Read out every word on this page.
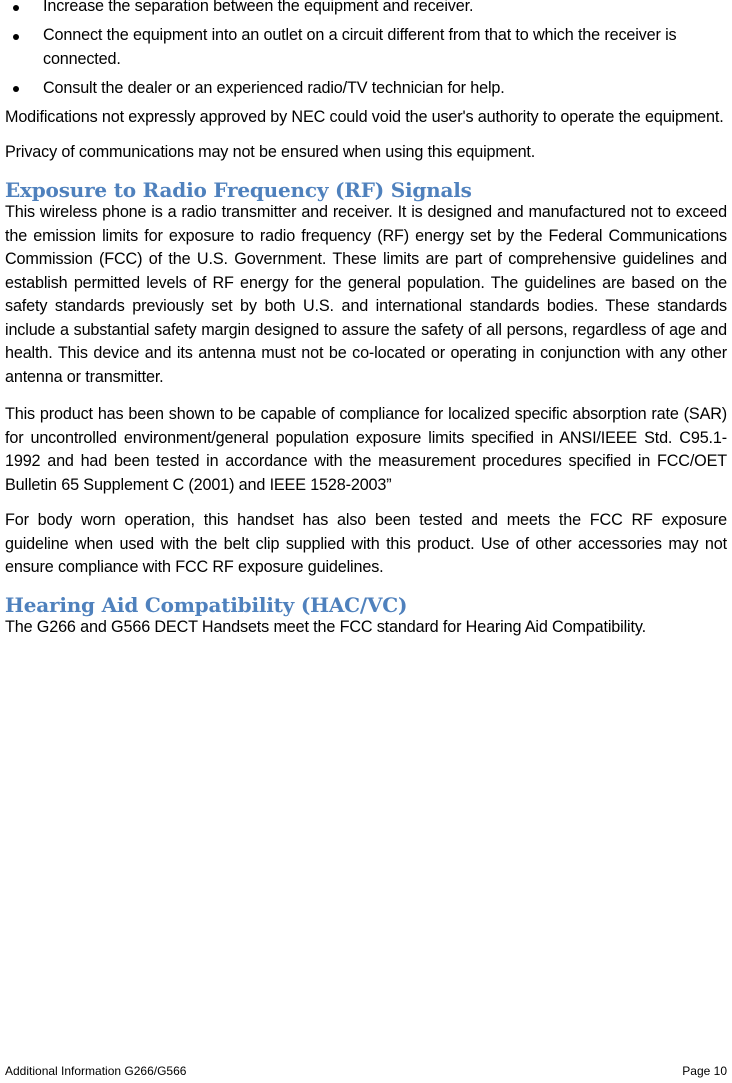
Increase the separation between the equipment and receiver.
Connect the equipment into an outlet on a circuit different from that to which the receiver is connected.
Consult the dealer or an experienced radio/TV technician for help.

Modifications not expressly approved by NEC could void the user's authority to operate the equipment.

Privacy of communications may not be ensured when using this equipment.

Exposure to Radio Frequency (RF) Signals

This wireless phone is a radio transmitter and receiver. It is designed and manufactured not to exceed the emission limits for exposure to radio frequency (RF) energy set by the Federal Communications Commission (FCC) of the U.S. Government. These limits are part of comprehensive guidelines and establish permitted levels of RF energy for the general population. The guidelines are based on the safety standards previously set by both U.S. and international standards bodies. These standards include a substantial safety margin designed to assure the safety of all persons, regardless of age and health. This device and its antenna must not be co-located or operating in conjunction with any other antenna or transmitter.

This product has been shown to be capable of compliance for localized specific absorption rate (SAR) for uncontrolled environment/general population exposure limits specified in ANSI/IEEE Std. C95.1-1992 and had been tested in accordance with the measurement procedures specified in FCC/OET Bulletin 65 Supplement C (2001) and IEEE 1528-2003”

For body worn operation, this handset has also been tested and meets the FCC RF exposure guideline when used with the belt clip supplied with this product. Use of other accessories may not ensure compliance with FCC RF exposure guidelines.

Hearing Aid Compatibility (HAC/VC)

The G266 and G566 DECT Handsets meet the FCC standard for Hearing Aid Compatibility.

Additional Information G266/G566	Page 10
